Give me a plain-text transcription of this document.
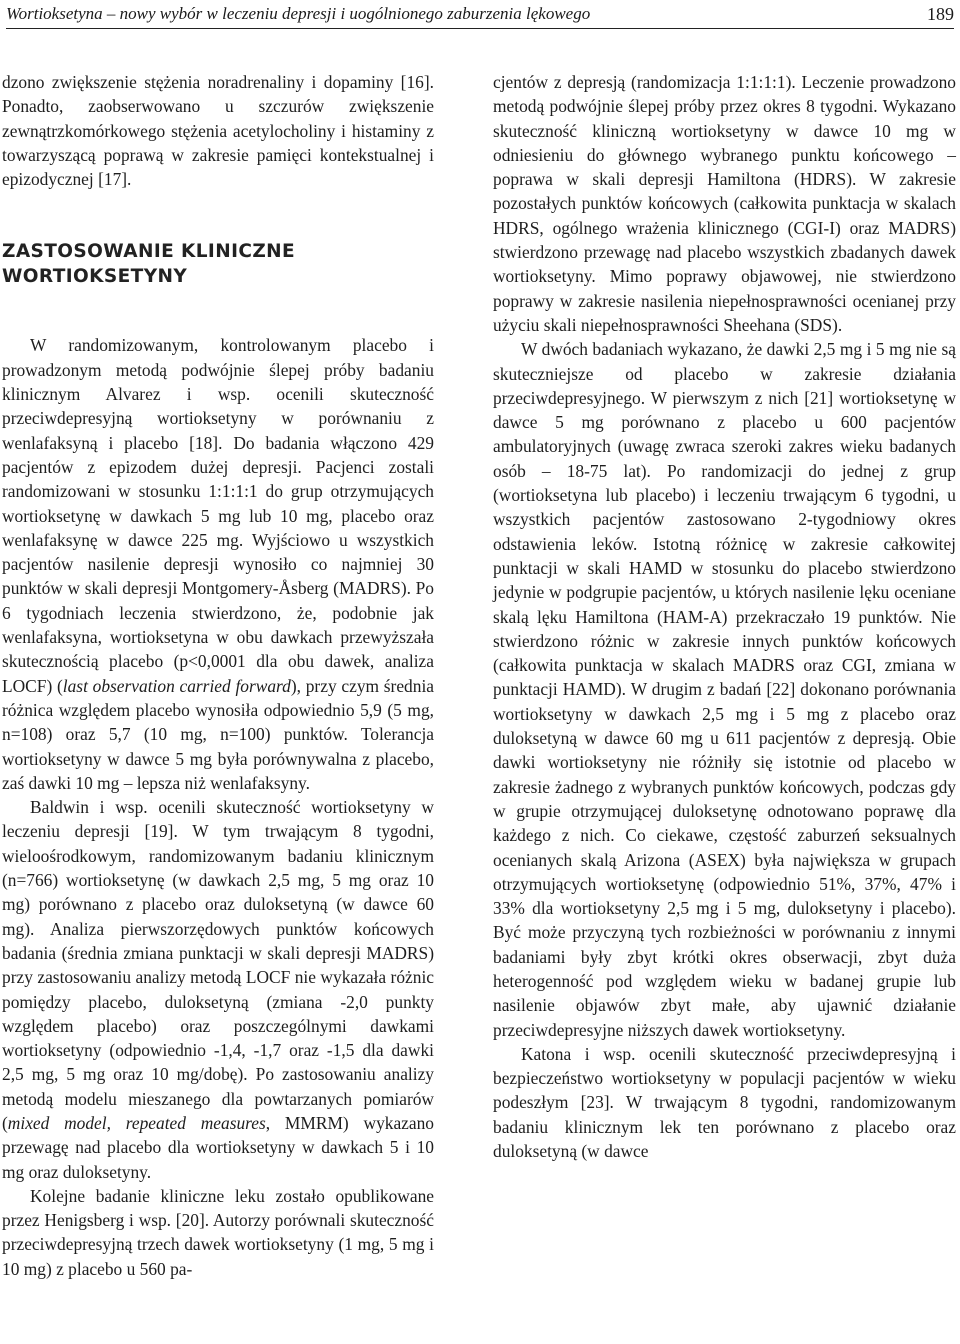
Wortioksetyna – nowy wybór w leczeniu depresji i uogólnionego zaburzenia lękowego	189

dzono zwiększenie stężenia noradrenaliny i dopaminy [16]. Ponadto, zaobserwowano u szczurów zwiększenie zewnątrzkomórkowego stężenia acetylocholiny i histaminy z towarzyszącą poprawą w zakresie pamięci kontekstualnej i epizodycznej [17].

ZASTOSOWANIE KLINICZNE
WORTIOKSETYNY

W randomizowanym, kontrolowanym placebo i prowadzonym metodą podwójnie ślepej próby badaniu klinicznym Alvarez i wsp. ocenili skuteczność przeciwdepresyjną wortioksetyny w porównaniu z wenlafaksyną i placebo [18]. Do badania włączono 429 pacjentów z epizodem dużej depresji. Pacjenci zostali randomizowani w stosunku 1:1:1:1 do grup otrzymujących wortioksetynę w dawkach 5 mg lub 10 mg, placebo oraz wenlafaksynę w dawce 225 mg. Wyjściowo u wszystkich pacjentów nasilenie depresji wynosiło co najmniej 30 punktów w skali depresji Montgomery-Åsberg (MADRS). Po 6 tygodniach leczenia stwierdzono, że, podobnie jak wenlafaksyna, wortioksetyna w obu dawkach przewyższała skutecznością placebo (p<0,0001 dla obu dawek, analiza LOCF) (last observation carried forward), przy czym średnia różnica względem placebo wynosiła odpowiednio 5,9 (5 mg, n=108) oraz 5,7 (10 mg, n=100) punktów. Tolerancja wortioksetyny w dawce 5 mg była porównywalna z placebo, zaś dawki 10 mg – lepsza niż wenlafaksyny.

Baldwin i wsp. ocenili skuteczność wortioksetyny w leczeniu depresji [19]. W tym trwającym 8 tygodni, wieloośrodkowym, randomizowanym badaniu klinicznym (n=766) wortioksetynę (w dawkach 2,5 mg, 5 mg oraz 10 mg) porównano z placebo oraz duloksetyną (w dawce 60 mg). Analiza pierwszorzędowych punktów końcowych badania (średnia zmiana punktacji w skali depresji MADRS) przy zastosowaniu analizy metodą LOCF nie wykazała różnic pomiędzy placebo, duloksetyną (zmiana -2,0 punkty względem placebo) oraz poszczególnymi dawkami wortioksetyny (odpowiednio -1,4, -1,7 oraz -1,5 dla dawki 2,5 mg, 5 mg oraz 10 mg/dobę). Po zastosowaniu analizy metodą modelu mieszanego dla powtarzanych pomiarów (mixed model, repeated measures, MMRM) wykazano przewagę nad placebo dla wortioksetyny w dawkach 5 i 10 mg oraz duloksetyny.

Kolejne badanie kliniczne leku zostało opublikowane przez Henigsberg i wsp. [20]. Autorzy porównali skuteczność przeciwdepresyjną trzech dawek wortioksetyny (1 mg, 5 mg i 10 mg) z placebo u 560 pa-

cjentów z depresją (randomizacja 1:1:1:1). Leczenie prowadzono metodą podwójnie ślepej próby przez okres 8 tygodni. Wykazano skuteczność kliniczną wortioksetyny w dawce 10 mg w odniesieniu do głównego wybranego punktu końcowego – poprawa w skali depresji Hamiltona (HDRS). W zakresie pozostałych punktów końcowych (całkowita punktacja w skalach HDRS, ogólnego wrażenia klinicznego (CGI-I) oraz MADRS) stwierdzono przewagę nad placebo wszystkich zbadanych dawek wortioksetyny. Mimo poprawy objawowej, nie stwierdzono poprawy w zakresie nasilenia niepełnosprawności ocenianej przy użyciu skali niepełnosprawności Sheehana (SDS).

W dwóch badaniach wykazano, że dawki 2,5 mg i 5 mg nie są skuteczniejsze od placebo w zakresie działania przeciwdepresyjnego. W pierwszym z nich [21] wortioksetynę w dawce 5 mg porównano z placebo u 600 pacjentów ambulatoryjnych (uwagę zwraca szeroki zakres wieku badanych osób – 18-75 lat). Po randomizacji do jednej z grup (wortioksetyna lub placebo) i leczeniu trwającym 6 tygodni, u wszystkich pacjentów zastosowano 2-tygodniowy okres odstawienia leków. Istotną różnicę w zakresie całkowitej punktacji w skali HAMD w stosunku do placebo stwierdzono jedynie w podgrupie pacjentów, u których nasilenie lęku oceniane skalą lęku Hamiltona (HAM-A) przekraczało 19 punktów. Nie stwierdzono różnic w zakresie innych punktów końcowych (całkowita punktacja w skalach MADRS oraz CGI, zmiana w punktacji HAMD). W drugim z badań [22] dokonano porównania wortioksetyny w dawkach 2,5 mg i 5 mg z placebo oraz duloksetyną w dawce 60 mg u 611 pacjentów z depresją. Obie dawki wortioksetyny nie różniły się istotnie od placebo w zakresie żadnego z wybranych punktów końcowych, podczas gdy w grupie otrzymującej duloksetynę odnotowano poprawę dla każdego z nich. Co ciekawe, częstość zaburzeń seksualnych ocenianych skalą Arizona (ASEX) była największa w grupach otrzymujących wortioksetynę (odpowiednio 51%, 37%, 47% i 33% dla wortioksetyny 2,5 mg i 5 mg, duloksetyny i placebo). Być może przyczyną tych rozbieżności w porównaniu z innymi badaniami były zbyt krótki okres obserwacji, zbyt duża heterogenność pod względem wieku w badanej grupie lub nasilenie objawów zbyt małe, aby ujawnić działanie przeciwdepresyjne niższych dawek wortioksetyny.

Katona i wsp. ocenili skuteczność przeciwdepresyjną i bezpieczeństwo wortioksetyny w populacji pacjentów w wieku podeszłym [23]. W trwającym 8 tygodni, randomizowanym badaniu klinicznym lek ten porównano z placebo oraz duloksetyną (w dawce
